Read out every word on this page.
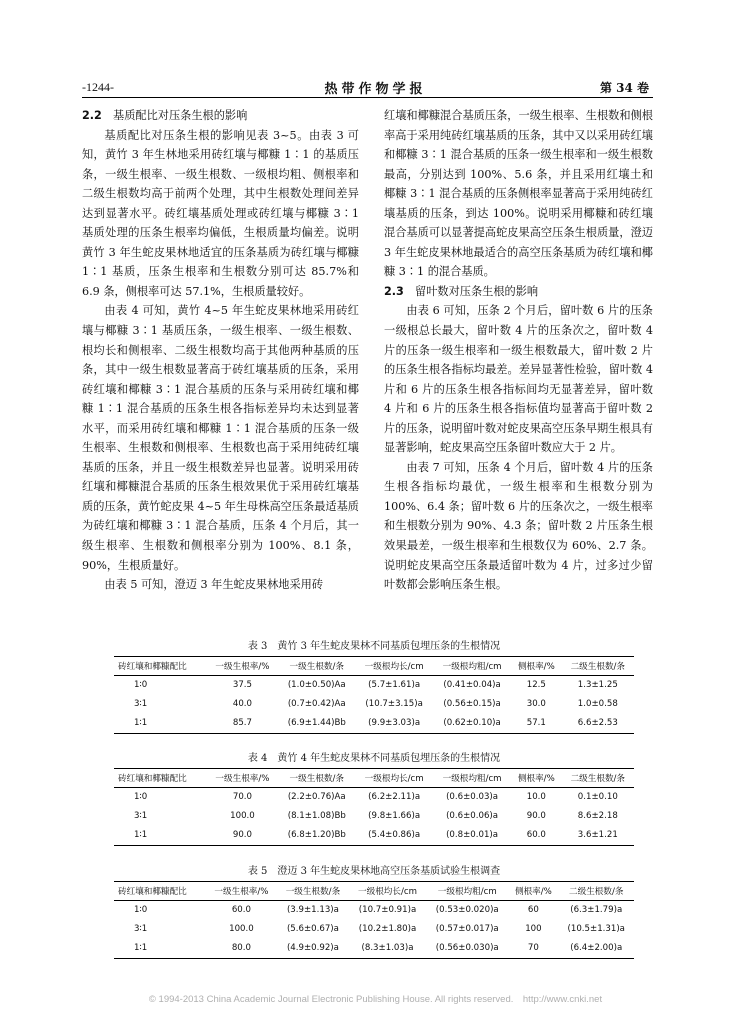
-1244-	热带作物学报	第 34 卷
2.2  基质配比对压条生根的影响

基质配比对压条生根的影响见表 3~5。由表 3 可知，黄竹 3 年生林地采用砖红壤与椰糠 1∶1 的基质压条，一级生根率、一级生根数、一级根均粗、侧根率和二级生根数均高于前两个处理，其中生根数处理间差异达到显著水平。砖红壤基质处理或砖红壤与椰糠 3∶1 基质处理的压条生根率均偏低，生根质量均偏差。说明黄竹 3 年生蛇皮果林地适宜的压条基质为砖红壤与椰糠 1∶1 基质，压条生根率和生根数分别可达 85.7%和 6.9 条，侧根率可达 57.1%，生根质量较好。

由表 4 可知，黄竹 4~5 年生蛇皮果林地采用砖红壤与椰糠 3∶1 基质压条，一级生根率、一级生根数、根均长和侧根率、二级生根数均高于其他两种基质的压条，其中一级生根数显著高于砖红壤基质的压条，采用砖红壤和椰糠 3∶1 混合基质的压条与采用砖红壤和椰糠 1∶1 混合基质的压条生根各指标差异均未达到显著水平，而采用砖红壤和椰糠 1∶1 混合基质的压条一级生根率、生根数和侧根率、生根数也高于采用纯砖红壤基质的压条，并且一级生根数差异也显著。说明采用砖红壤和椰糠混合基质的压条生根效果优于采用砖红壤基质的压条，黄竹蛇皮果 4~5 年生母株高空压条最适基质为砖红壤和椰糠 3∶1 混合基质，压条 4 个月后，其一级生根率、生根数和侧根率分别为 100%、8.1 条，90%，生根质量好。

由表 5 可知，澄迈 3 年生蛇皮果林地采用砖

红壤和椰糠混合基质压条，一级生根率、生根数和侧根率高于采用纯砖红壤基质的压条，其中又以采用砖红壤和椰糠 3∶1 混合基质的压条一级生根率和一级生根数最高，分别达到 100%、5.6 条，并且采用红壤土和椰糠 3∶1 混合基质的压条侧根率显著高于采用纯砖红壤基质的压条，到达 100%。说明采用椰糠和砖红壤混合基质可以显著提高蛇皮果高空压条生根质量，澄迈 3 年生蛇皮果林地最适合的高空压条基质为砖红壤和椰糠 3∶1 的混合基质。

2.3  留叶数对压条生根的影响

由表 6 可知，压条 2 个月后，留叶数 6 片的压条一级根总长最大，留叶数 4 片的压条次之，留叶数 4 片的压条一级生根率和一级生根数最大，留叶数 2 片的压条生根各指标均最差。差异显著性检验，留叶数 4 片和 6 片的压条生根各指标间均无显著差异，留叶数 4 片和 6 片的压条生根各指标值均显著高于留叶数 2 片的压条，说明留叶数对蛇皮果高空压条早期生根具有显著影响，蛇皮果高空压条留叶数应大于 2 片。

由表 7 可知，压条 4 个月后，留叶数 4 片的压条生根各指标均最优，一级生根率和生根数分别为 100%、6.4 条；留叶数 6 片的压条次之，一级生根率和生根数分别为 90%、4.3 条；留叶数 2 片压条生根效果最差，一级生根率和生根数仅为 60%、2.7 条。说明蛇皮果高空压条最适留叶数为 4 片，过多过少留叶数都会影响压条生根。

表 3　黄竹 3 年生蛇皮果林不同基质包埋压条的生根情况
砖红壤和椰糠配比	一级生根率/%	一级生根数/条	一级根均长/cm	一级根均粗/cm	侧根率/%	二级生根数/条
1∶0	37.5	(1.0±0.50)Aa	(5.7±1.61)a	(0.41±0.04)a	12.5	1.3±1.25
3∶1	40.0	(0.7±0.42)Aa	(10.7±3.15)a	(0.56±0.15)a	30.0	1.0±0.58
1∶1	85.7	(6.9±1.44)Bb	(9.9±3.03)a	(0.62±0.10)a	57.1	6.6±2.53
表 4　黄竹 4 年生蛇皮果林不同基质包埋压条的生根情况
砖红壤和椰糠配比	一级生根率/%	一级生根数/条	一级根均长/cm	一级根均粗/cm	侧根率/%	二级生根数/条
1∶0	70.0	(2.2±0.76)Aa	(6.2±2.11)a	(0.6±0.03)a	10.0	0.1±0.10
3∶1	100.0	(8.1±1.08)Bb	(9.8±1.66)a	(0.6±0.06)a	90.0	8.6±2.18
1∶1	90.0	(6.8±1.20)Bb	(5.4±0.86)a	(0.8±0.01)a	60.0	3.6±1.21
表 5　澄迈 3 年生蛇皮果林地高空压条基质试验生根调查
砖红壤和椰糠配比	一级生根率/%	一级生根数/条	一级根均长/cm	一级根均粗/cm	侧根率/%	二级生根数/条
1∶0	60.0	(3.9±1.13)a	(10.7±0.91)a	(0.53±0.020)a	60	(6.3±1.79)a
3∶1	100.0	(5.6±0.67)a	(10.2±1.80)a	(0.57±0.017)a	100	(10.5±1.31)a
1∶1	80.0	(4.9±0.92)a	(8.3±1.03)a	(0.56±0.030)a	70	(6.4±2.00)a
© 1994-2013 China Academic Journal Electronic Publishing House. All rights reserved.　http://www.cnki.net
